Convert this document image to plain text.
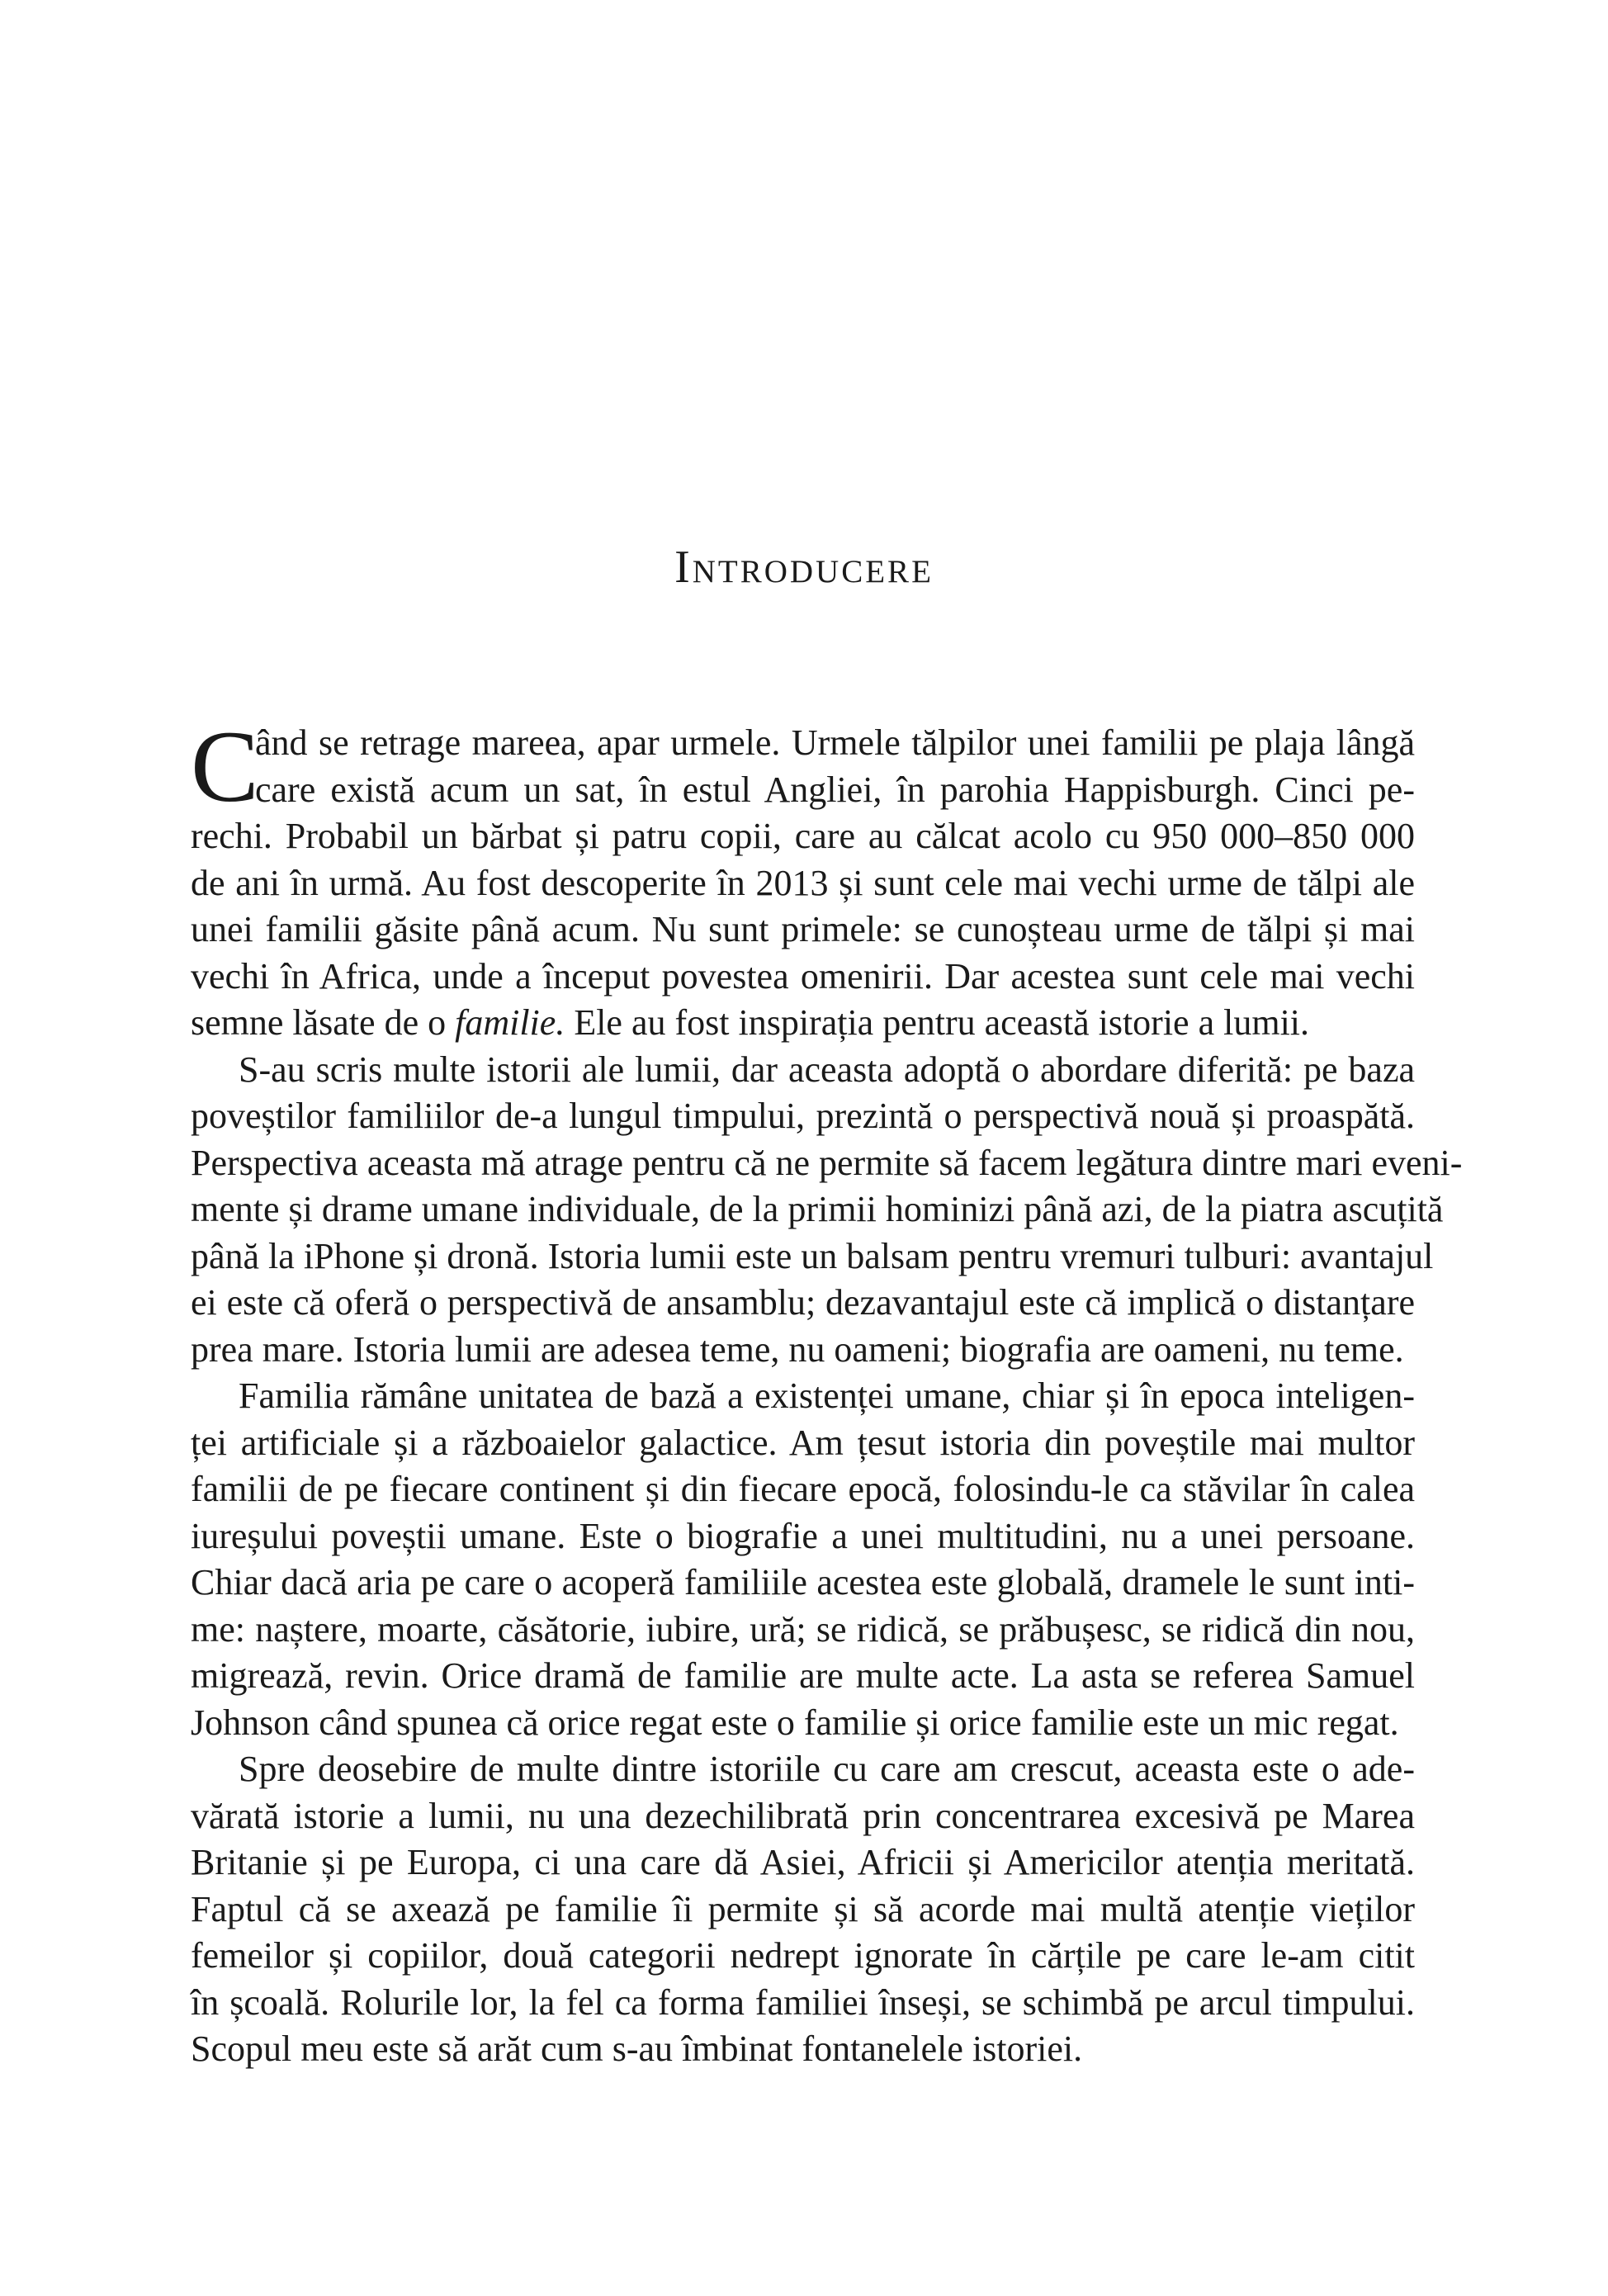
Introducere
C
ând se retrage mareea, apar urmele. Urmele tălpilor unei familii pe plaja lângă
care există acum un sat, în estul Angliei, în parohia Happisburgh. Cinci pe-
rechi. Probabil un bărbat și patru copii, care au călcat acolo cu 950 000–850 000
de ani în urmă. Au fost descoperite în 2013 și sunt cele mai vechi urme de tălpi ale
unei familii găsite până acum. Nu sunt primele: se cunoșteau urme de tălpi și mai
vechi în Africa, unde a început povestea omenirii. Dar acestea sunt cele mai vechi
semne lăsate de o familie. Ele au fost inspirația pentru această istorie a lumii.
S-au scris multe istorii ale lumii, dar aceasta adoptă o abordare diferită: pe baza
poveștilor familiilor de-a lungul timpului, prezintă o perspectivă nouă și proaspătă.
Perspectiva aceasta mă atrage pentru că ne permite să facem legătura dintre mari eveni-
mente și drame umane individuale, de la primii hominizi până azi, de la piatra ascuțită
până la iPhone și dronă. Istoria lumii este un balsam pentru vremuri tulburi: avantajul
ei este că oferă o perspectivă de ansamblu; dezavantajul este că implică o distanțare
prea mare. Istoria lumii are adesea teme, nu oameni; biografia are oameni, nu teme.
Familia rămâne unitatea de bază a existenței umane, chiar și în epoca inteligen-
ței artificiale și a războaielor galactice. Am țesut istoria din poveștile mai multor
familii de pe fiecare continent și din fiecare epocă, folosindu-le ca stăvilar în calea
iureșului poveștii umane. Este o biografie a unei multitudini, nu a unei persoane.
Chiar dacă aria pe care o acoperă familiile acestea este globală, dramele le sunt inti-
me: naștere, moarte, căsătorie, iubire, ură; se ridică, se prăbușesc, se ridică din nou,
migrează, revin. Orice dramă de familie are multe acte. La asta se referea Samuel
Johnson când spunea că orice regat este o familie și orice familie este un mic regat.
Spre deosebire de multe dintre istoriile cu care am crescut, aceasta este o ade-
vărată istorie a lumii, nu una dezechilibrată prin concentrarea excesivă pe Marea
Britanie și pe Europa, ci una care dă Asiei, Africii și Americilor atenția meritată.
Faptul că se axează pe familie îi permite și să acorde mai multă atenție vieților
femeilor și copiilor, două categorii nedrept ignorate în cărțile pe care le-am citit
în școală. Rolurile lor, la fel ca forma familiei înseși, se schimbă pe arcul timpului.
Scopul meu este să arăt cum s-au îmbinat fontanelele istoriei.
